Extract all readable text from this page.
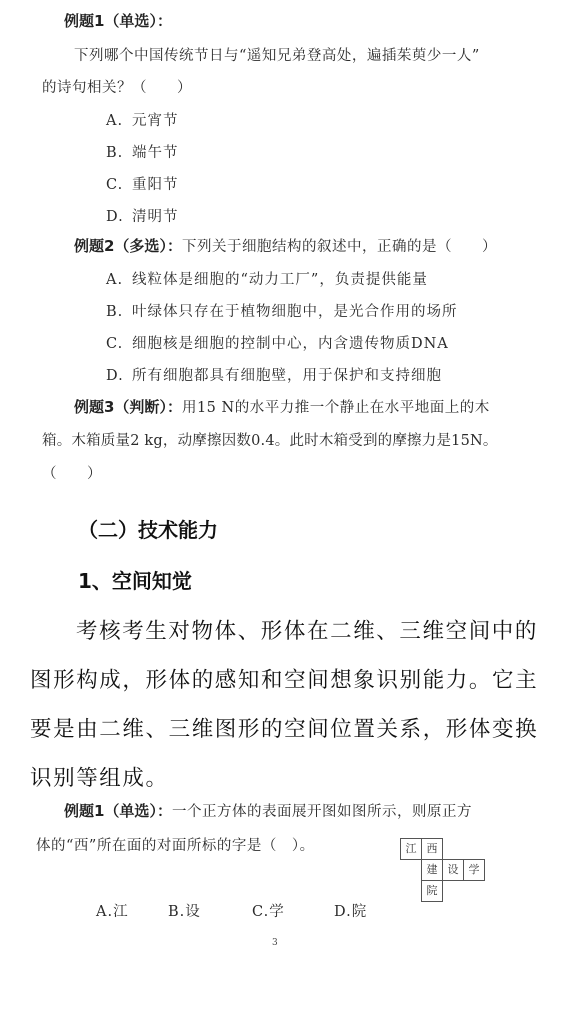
例题1（单选）：
下列哪个中国传统节日与“遥知兄弟登高处，遍插茱萸少一人”
的诗句相关？（　　）
A. 元宵节
B. 端午节
C. 重阳节
D. 清明节
例题2（多选）：下列关于细胞结构的叙述中，正确的是（　　）
A. 线粒体是细胞的“动力工厂”，负责提供能量
B. 叶绿体只存在于植物细胞中，是光合作用的场所
C. 细胞核是细胞的控制中心，内含遗传物质DNA
D. 所有细胞都具有细胞壁，用于保护和支持细胞
例题3（判断）：用15 N的水平力推一个静止在水平地面上的木
箱。木箱质量2 kg，动摩擦因数0.4。此时木箱受到的摩擦力是15N。
（　　）
（二）技术能力
1、空间知觉
考核考生对物体、形体在二维、三维空间中的
图形构成，形体的感知和空间想象识别能力。它主
要是由二维、三维图形的空间位置关系，形体变换
识别等组成。
例题1（单选）：一个正方体的表面展开图如图所示，则原正方
体的“西”所在面的对面所标的字是（　）。	江 西
建 设 学
院
A.江	B.设	C.学	D.院
3
